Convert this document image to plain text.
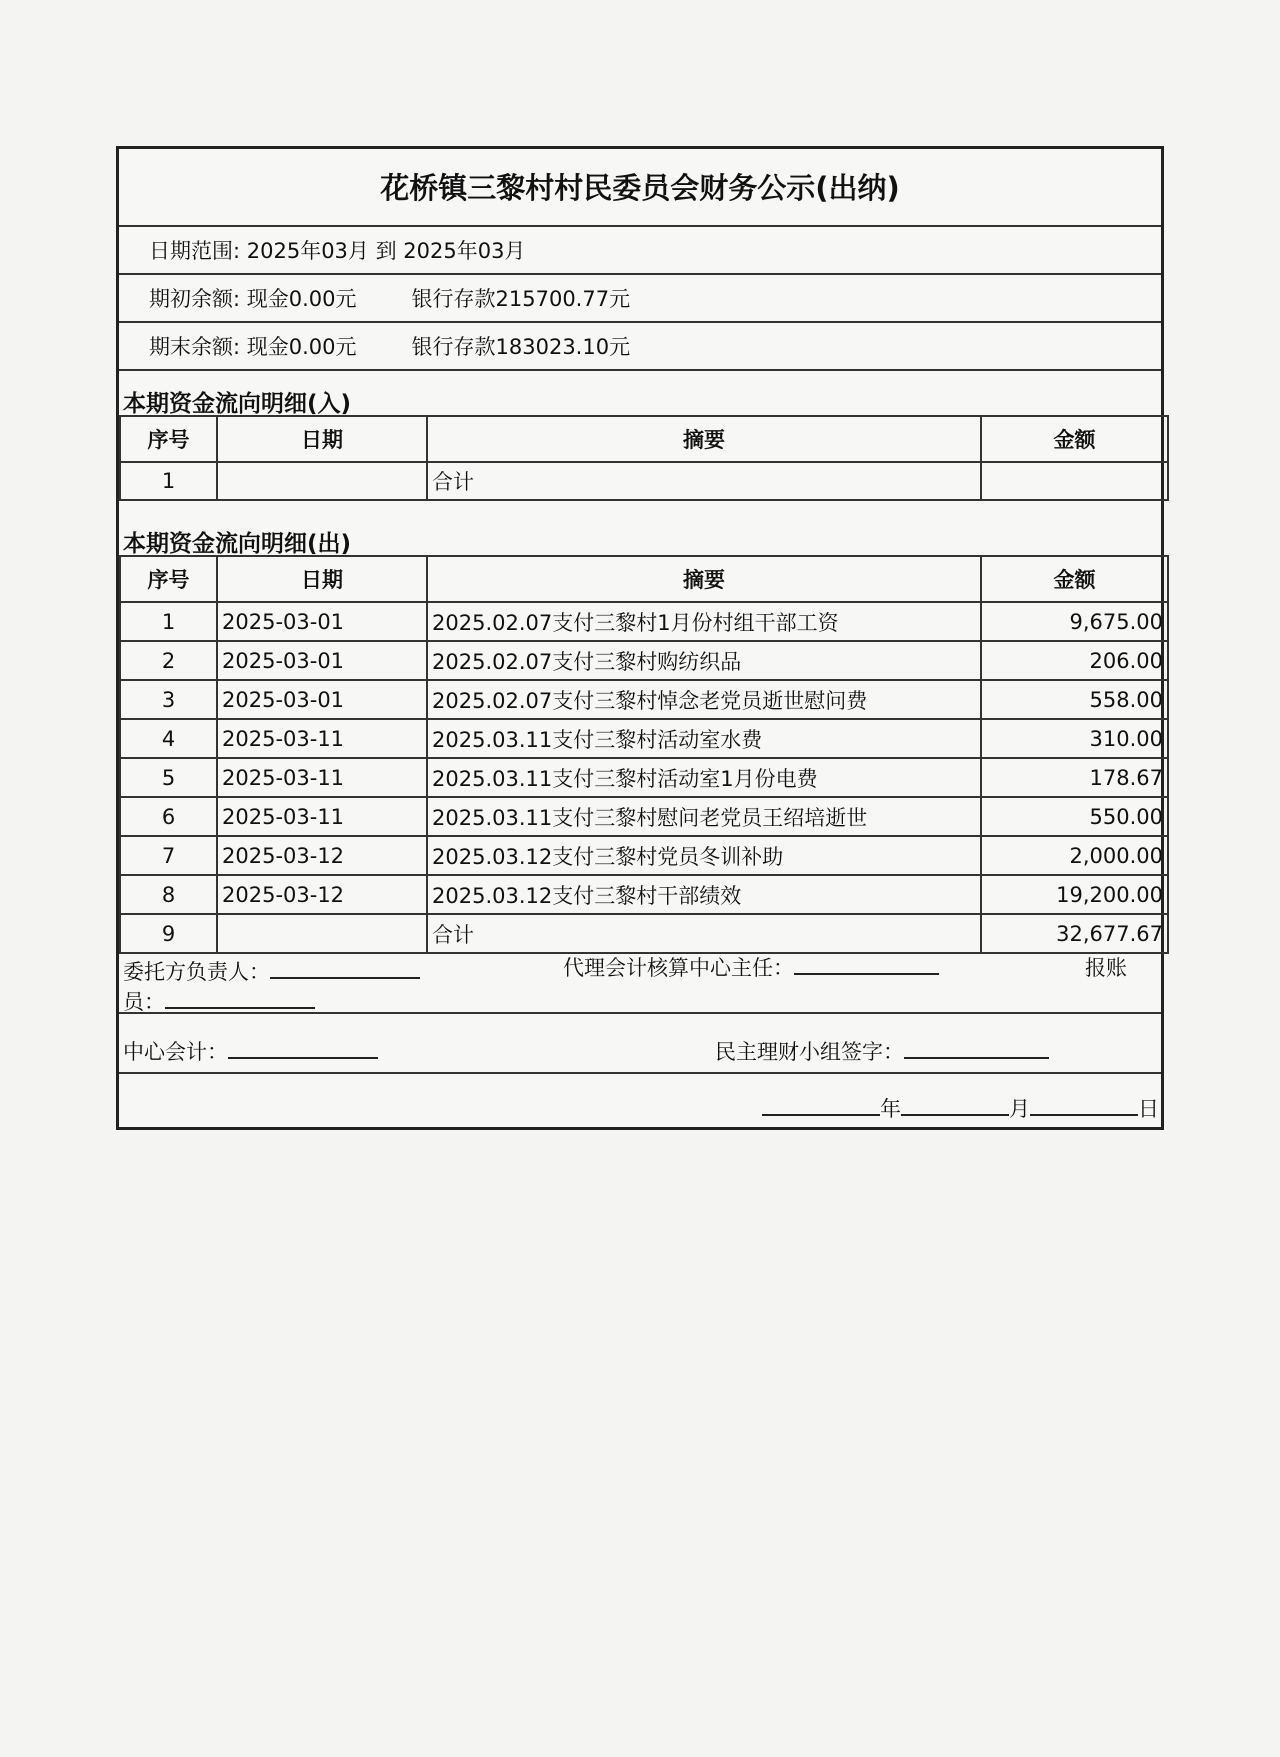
花桥镇三黎村村民委员会财务公示(出纳)
日期范围: 2025年03月 到 2025年03月
期初余额: 现金0.00元	银行存款215700.77元
期末余额: 现金0.00元	银行存款183023.10元
本期资金流向明细(入)
序号	日期	摘要	金额
1		合计	
本期资金流向明细(出)
序号	日期	摘要	金额
1	2025-03-01	2025.02.07支付三黎村1月份村组干部工资	9,675.00
2	2025-03-01	2025.02.07支付三黎村购纺织品	206.00
3	2025-03-01	2025.02.07支付三黎村悼念老党员逝世慰问费	558.00
4	2025-03-11	2025.03.11支付三黎村活动室水费	310.00
5	2025-03-11	2025.03.11支付三黎村活动室1月份电费	178.67
6	2025-03-11	2025.03.11支付三黎村慰问老党员王绍培逝世	550.00
7	2025-03-12	2025.03.12支付三黎村党员冬训补助	2,000.00
8	2025-03-12	2025.03.12支付三黎村干部绩效	19,200.00
9		合计	32,677.67
委托方负责人：	代理会计核算中心主任：	报账
员：
中心会计：	民主理财小组签字：
年	月	日
